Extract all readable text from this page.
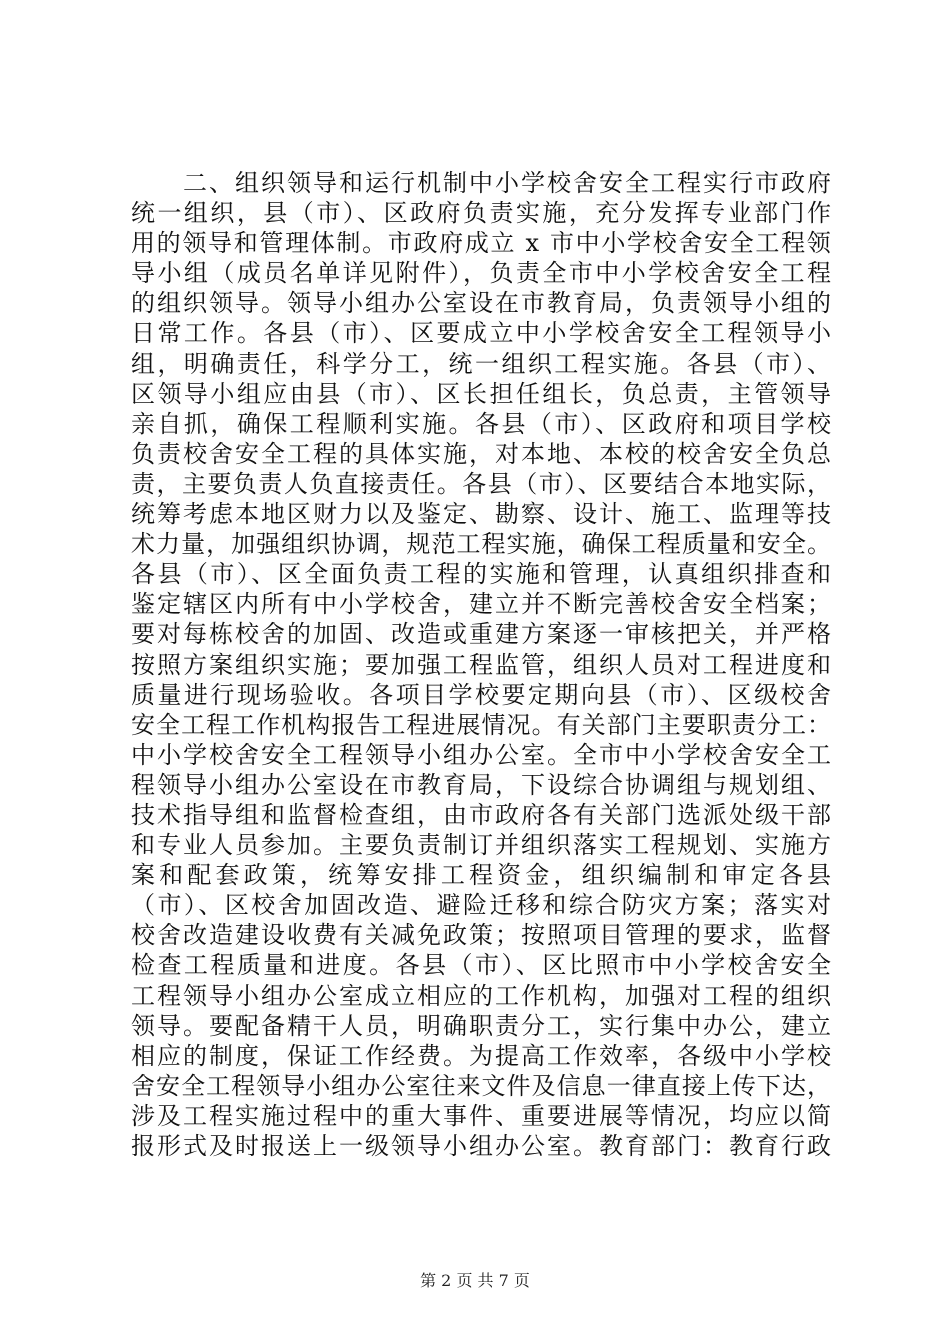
　　二、组织领导和运行机制中小学校舍安全工程实行市政府
统一组织，县（市）、区政府负责实施，充分发挥专业部门作
用的领导和管理体制。市政府成立 x 市中小学校舍安全工程领
导小组（成员名单详见附件），负责全市中小学校舍安全工程
的组织领导。领导小组办公室设在市教育局，负责领导小组的
日常工作。各县（市）、区要成立中小学校舍安全工程领导小
组，明确责任，科学分工，统一组织工程实施。各县（市）、
区领导小组应由县（市）、区长担任组长，负总责，主管领导
亲自抓，确保工程顺利实施。各县（市）、区政府和项目学校
负责校舍安全工程的具体实施，对本地、本校的校舍安全负总
责，主要负责人负直接责任。各县（市）、区要结合本地实际，
统筹考虑本地区财力以及鉴定、勘察、设计、施工、监理等技
术力量，加强组织协调，规范工程实施，确保工程质量和安全。
各县（市）、区全面负责工程的实施和管理，认真组织排查和
鉴定辖区内所有中小学校舍，建立并不断完善校舍安全档案；
要对每栋校舍的加固、改造或重建方案逐一审核把关，并严格
按照方案组织实施；要加强工程监管，组织人员对工程进度和
质量进行现场验收。各项目学校要定期向县（市）、区级校舍
安全工程工作机构报告工程进展情况。有关部门主要职责分工：
中小学校舍安全工程领导小组办公室。全市中小学校舍安全工
程领导小组办公室设在市教育局，下设综合协调组与规划组、
技术指导组和监督检查组，由市政府各有关部门选派处级干部
和专业人员参加。主要负责制订并组织落实工程规划、实施方
案和配套政策，统筹安排工程资金，组织编制和审定各县
（市）、区校舍加固改造、避险迁移和综合防灾方案；落实对
校舍改造建设收费有关减免政策；按照项目管理的要求，监督
检查工程质量和进度。各县（市）、区比照市中小学校舍安全
工程领导小组办公室成立相应的工作机构，加强对工程的组织
领导。要配备精干人员，明确职责分工，实行集中办公，建立
相应的制度，保证工作经费。为提高工作效率，各级中小学校
舍安全工程领导小组办公室往来文件及信息一律直接上传下达，
涉及工程实施过程中的重大事件、重要进展等情况，均应以简
报形式及时报送上一级领导小组办公室。教育部门：教育行政
第 2 页 共 7 页
